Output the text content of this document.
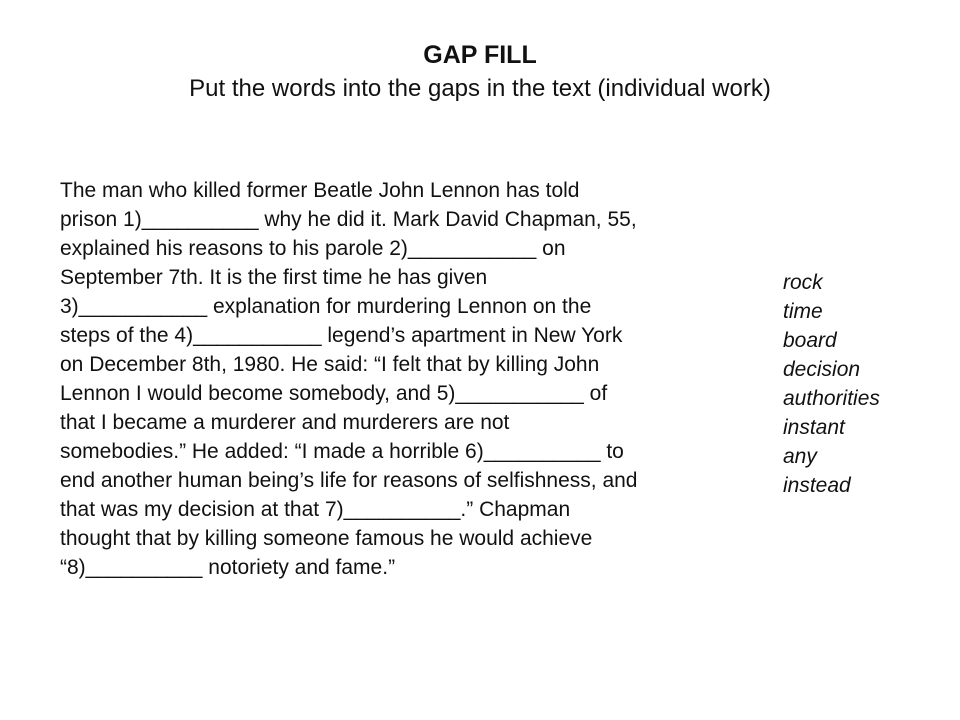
GAP FILL
Put the words into the gaps in the text (individual work)
The man who killed former Beatle John Lennon has told
prison 1)__________ why he did it. Mark David Chapman, 55,
explained his reasons to his parole 2)___________ on
September 7th. It is the first time he has given
3)___________ explanation for murdering Lennon on the
steps of the 4)___________ legend’s apartment in New York
on December 8th, 1980. He said: “I felt that by killing John
Lennon I would become somebody, and 5)___________ of
that I became a murderer and murderers are not
somebodies.” He added: “I made a horrible 6)__________ to
end another human being’s life for reasons of selfishness, and
that was my decision at that 7)__________.” Chapman
thought that by killing someone famous he would achieve
“8)__________ notoriety and fame.”
rock
time
board
decision
authorities
instant
any
instead
